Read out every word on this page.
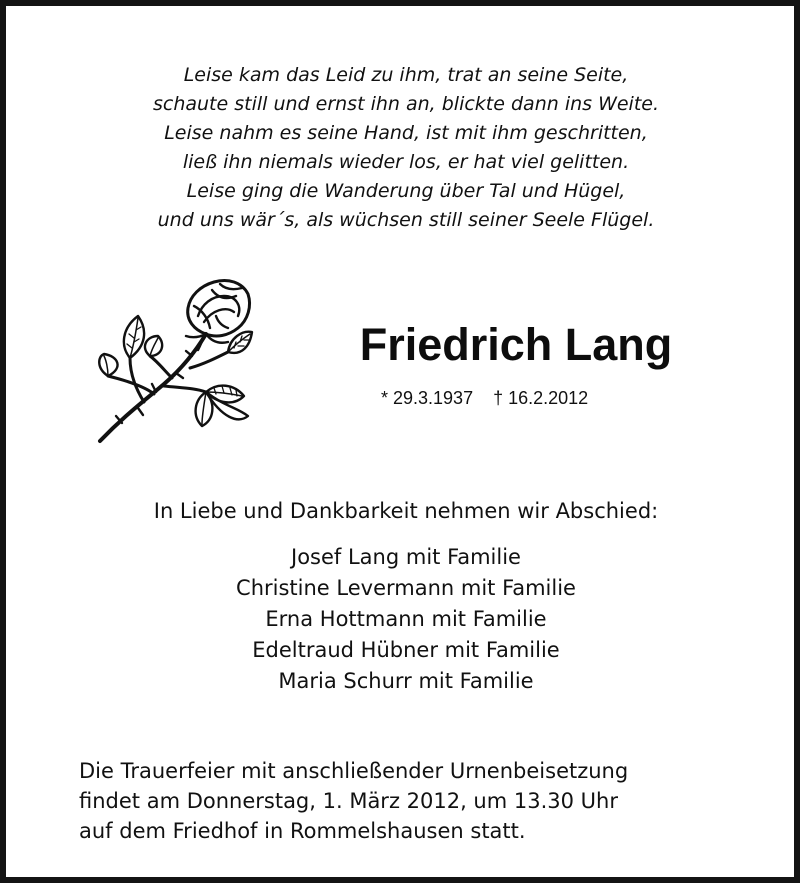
Leise kam das Leid zu ihm, trat an seine Seite,
schaute still und ernst ihn an, blickte dann ins Weite.
Leise nahm es seine Hand, ist mit ihm geschritten,
ließ ihn niemals wieder los, er hat viel gelitten.
Leise ging die Wanderung über Tal und Hügel,
und uns wär´s, als wüchsen still seiner Seele Flügel.
Friedrich Lang
* 29.3.1937 † 16.2.2012
In Liebe und Dankbarkeit nehmen wir Abschied:
Josef Lang mit Familie
Christine Levermann mit Familie
Erna Hottmann mit Familie
Edeltraud Hübner mit Familie
Maria Schurr mit Familie
Die Trauerfeier mit anschließender Urnenbeisetzung
findet am Donnerstag, 1. März 2012, um 13.30 Uhr
auf dem Friedhof in Rommelshausen statt.
